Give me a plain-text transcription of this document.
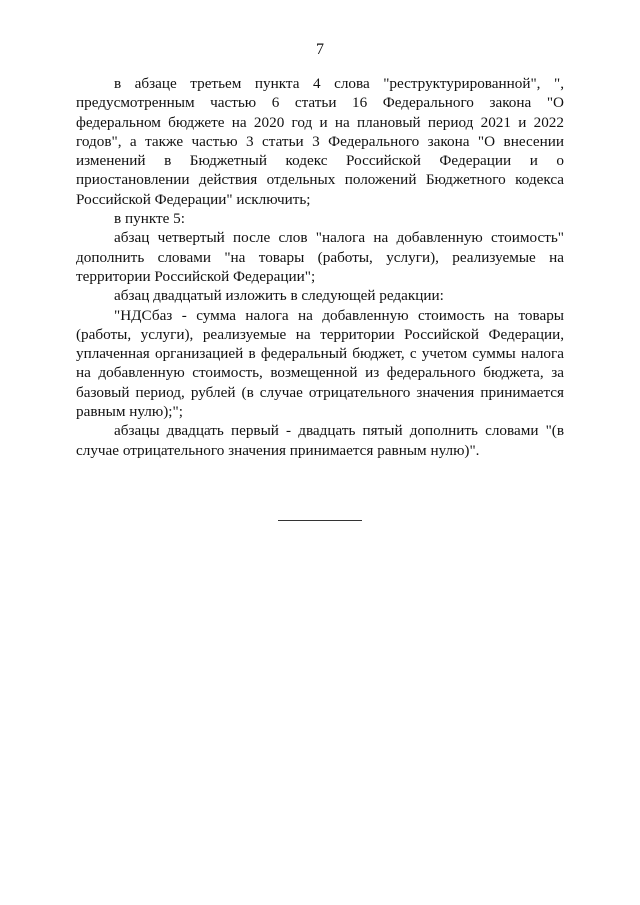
7

в абзаце третьем пункта 4 слова "реструктурированной", ", предусмотренным частью 6 статьи 16 Федерального закона "О федеральном бюджете на 2020 год и на плановый период 2021 и 2022 годов", а также частью 3 статьи 3 Федерального закона "О внесении изменений в Бюджетный кодекс Российской Федерации и о приостановлении действия отдельных положений Бюджетного кодекса Российской Федерации" исключить;

в пункте 5:

абзац четвертый после слов "налога на добавленную стоимость" дополнить словами "на товары (работы, услуги), реализуемые на территории Российской Федерации";

абзац двадцатый изложить в следующей редакции:

"НДСбаз - сумма налога на добавленную стоимость на товары (работы, услуги), реализуемые на территории Российской Федерации, уплаченная организацией в федеральный бюджет, с учетом суммы налога на добавленную стоимость, возмещенной из федерального бюджета, за базовый период, рублей (в случае отрицательного значения принимается равным нулю);";

абзацы двадцать первый - двадцать пятый дополнить словами "(в случае отрицательного значения принимается равным нулю)".
